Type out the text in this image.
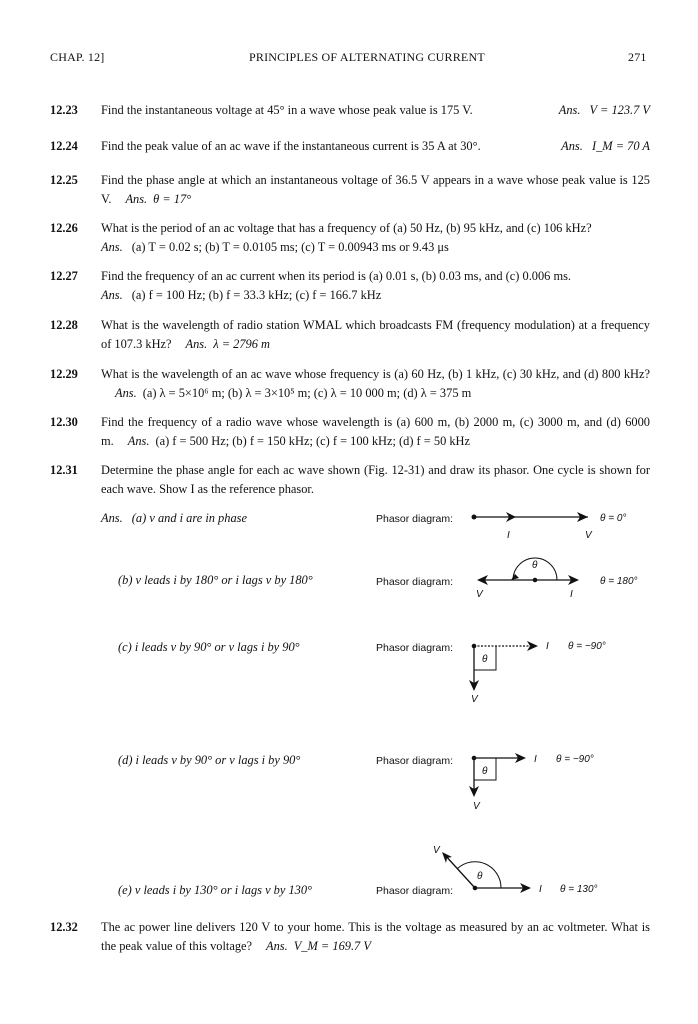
CHAP. 12]	PRINCIPLES OF ALTERNATING CURRENT	271
12.23 Find the instantaneous voltage at 45° in a wave whose peak value is 175 V.	Ans. V = 123.7 V
12.24 Find the peak value of an ac wave if the instantaneous current is 35 A at 30°.	Ans. I_M = 70 A
12.25 Find the phase angle at which an instantaneous voltage of 36.5 V appears in a wave whose peak value is 125 V. Ans. θ = 17°
12.26 What is the period of an ac voltage that has a frequency of (a) 50 Hz, (b) 95 kHz, and (c) 106 kHz?
Ans. (a) T = 0.02 s; (b) T = 0.0105 ms; (c) T = 0.00943 ms or 9.43 μs
12.27 Find the frequency of an ac current when its period is (a) 0.01 s, (b) 0.03 ms, and (c) 0.006 ms.
Ans. (a) f = 100 Hz; (b) f = 33.3 kHz; (c) f = 166.7 kHz
12.28 What is the wavelength of radio station WMAL which broadcasts FM (frequency modulation) at a frequency of 107.3 kHz? Ans. λ = 2796 m
12.29 What is the wavelength of an ac wave whose frequency is (a) 60 Hz, (b) 1 kHz, (c) 30 kHz, and (d) 800 kHz?Ans. (a) λ = 5×10⁶ m; (b) λ = 3×10⁵ m; (c) λ = 10 000 m; (d) λ = 375 m
12.30 Find the frequency of a radio wave whose wavelength is (a) 600 m, (b) 2000 m, (c) 3000 m, and (d) 6000 m. Ans. (a) f = 500 Hz; (b) f = 150 kHz; (c) f = 100 kHz; (d) f = 50 kHz
12.31 Determine the phase angle for each ac wave shown (Fig. 12-31) and draw its phasor. One cycle is shown for each wave. Show I as the reference phasor.
Ans. (a) v and i are in phase	Phasor diagram:
I	V
θ = 0°
(b) v leads i by 180° or i lags v by 180°	Phasor diagram:
θ
V	I
θ = 180°
(c) i leads v by 90° or v lags i by 90°	Phasor diagram:
θ
I
V
θ = −90°
(d) i leads v by 90° or v lags i by 90°	Phasor diagram:
θ
I
V
θ = −90°
(e) v leads i by 130° or i lags v by 130°	Phasor diagram:
V
θ
I θ = 130°
12.32 The ac power line delivers 120 V to your home. This is the voltage as measured by an ac voltmeter. What is the peak value of this voltage? Ans. V_M = 169.7 V
